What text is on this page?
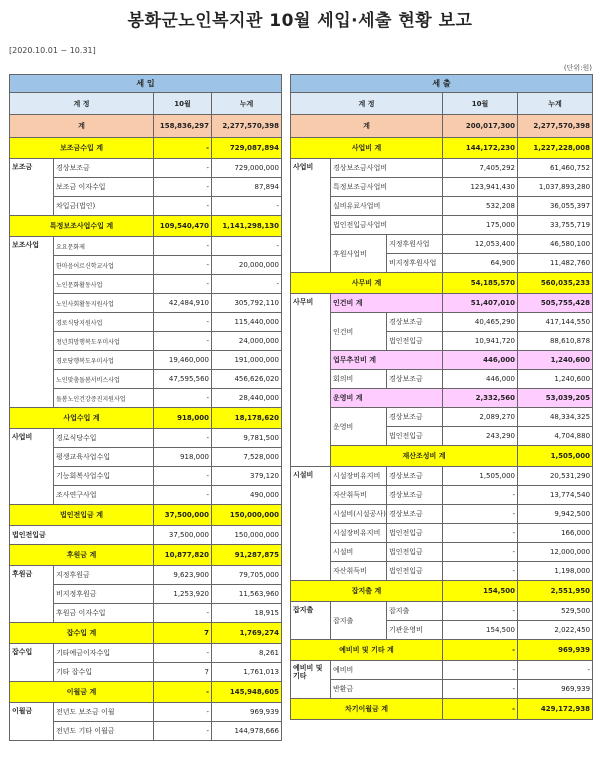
봉화군노인복지관 10월 세입·세출 현황 보고
[2020.10.01 ~ 10.31]
(단위:원)
세 입			
계 정		10월	누계
계		158,836,297	2,277,570,398
보조금수입 계		-	729,087,894
보조금	경상보조금	-	729,000,000
	보조금 이자수입	-	87,894
	차입금(법인)	-	-
특정보조사업수입 계		109,540,470	1,141,298,130
보조사업	요요문화제	-	-
	한마음어르신학교사업	-	20,000,000
	노인문화활동사업	-	-
	노인사회활동지원사업	42,484,910	305,792,110
	경로식당지원사업	-	115,440,000
	청년희망행복도우미사업	-	24,000,000
	경로당행복도우미사업	19,460,000	191,000,000
	노인맞춤돌봄서비스사업	47,595,560	456,626,020
	돌봄노인건강증진지원사업	-	28,440,000
사업수입 계		918,000	18,178,620
사업비	경로식당수입	-	9,781,500
	평생교육사업수입	918,000	7,528,000
	기능회복사업수입	-	379,120
	조사연구사업	-	490,000
법인전입금 계		37,500,000	150,000,000
법인전입금		37,500,000	150,000,000
후원금 계		10,877,820	91,287,875
후원금	지정후원금	9,623,900	79,705,000
	비지정후원금	1,253,920	11,563,960
	후원금 이자수입	-	18,915
잡수입 계		7	1,769,274
잡수입	기타예금이자수입	-	8,261
	기타 잡수입	7	1,761,013
이월금 계		-	145,948,605
이월금	전년도 보조금 이월	-	969,939
	전년도 기타 이월금	-	144,978,666
세 출					
계 정			10월	누계	
계			200,017,300	2,277,570,398	
사업비 계			144,172,230	1,227,228,008	
사업비	경상보조금사업비		7,405,292	61,460,752	
	특정보조금사업비		123,941,430	1,037,893,280	
	실비유료사업비		532,208	36,055,397	
	법인전입금사업비		175,000	33,755,719	
	후원사업비	지정후원사업	12,053,400	46,580,100	
		비지정후원사업	64,900	11,482,760	
사무비 계			54,185,570	560,035,233	
사무비	인건비 계		51,407,010	505,755,428	
	인건비	경상보조금	40,465,290	417,144,550	
		법인전입금	10,941,720	88,610,878	
	업무추진비 계		446,000	1,240,600	
	회의비	경상보조금	446,000	1,240,600	
	운영비 계		2,332,560	53,039,205	
	운영비	경상보조금	2,089,270	48,334,325	
		법인전입금	243,290	4,704,880	
	재산조성비 계			1,505,000	
시설비	시설장비유지비	경상보조금	1,505,000	20,531,290	
	자산취득비	경상보조금	-	13,774,540	
	시설비(시설공사)	경상보조금	-	9,942,500	
	시설장비유지비	법인전입금	-	166,000	
	시설비	법인전입금	-	12,000,000	
	자산취득비	법인전입금	-	1,198,000	
잡지출 계			154,500	2,551,950	
잡지출	잡지출	잡지출	-	529,500	
		기관운영비	154,500	2,022,450	
예비비 및 기타 계			-	969,939	
예비비 및기타	예비비		-	-	
	반환금		-	969,939	
차기이월금 계			-	429,172,938	
